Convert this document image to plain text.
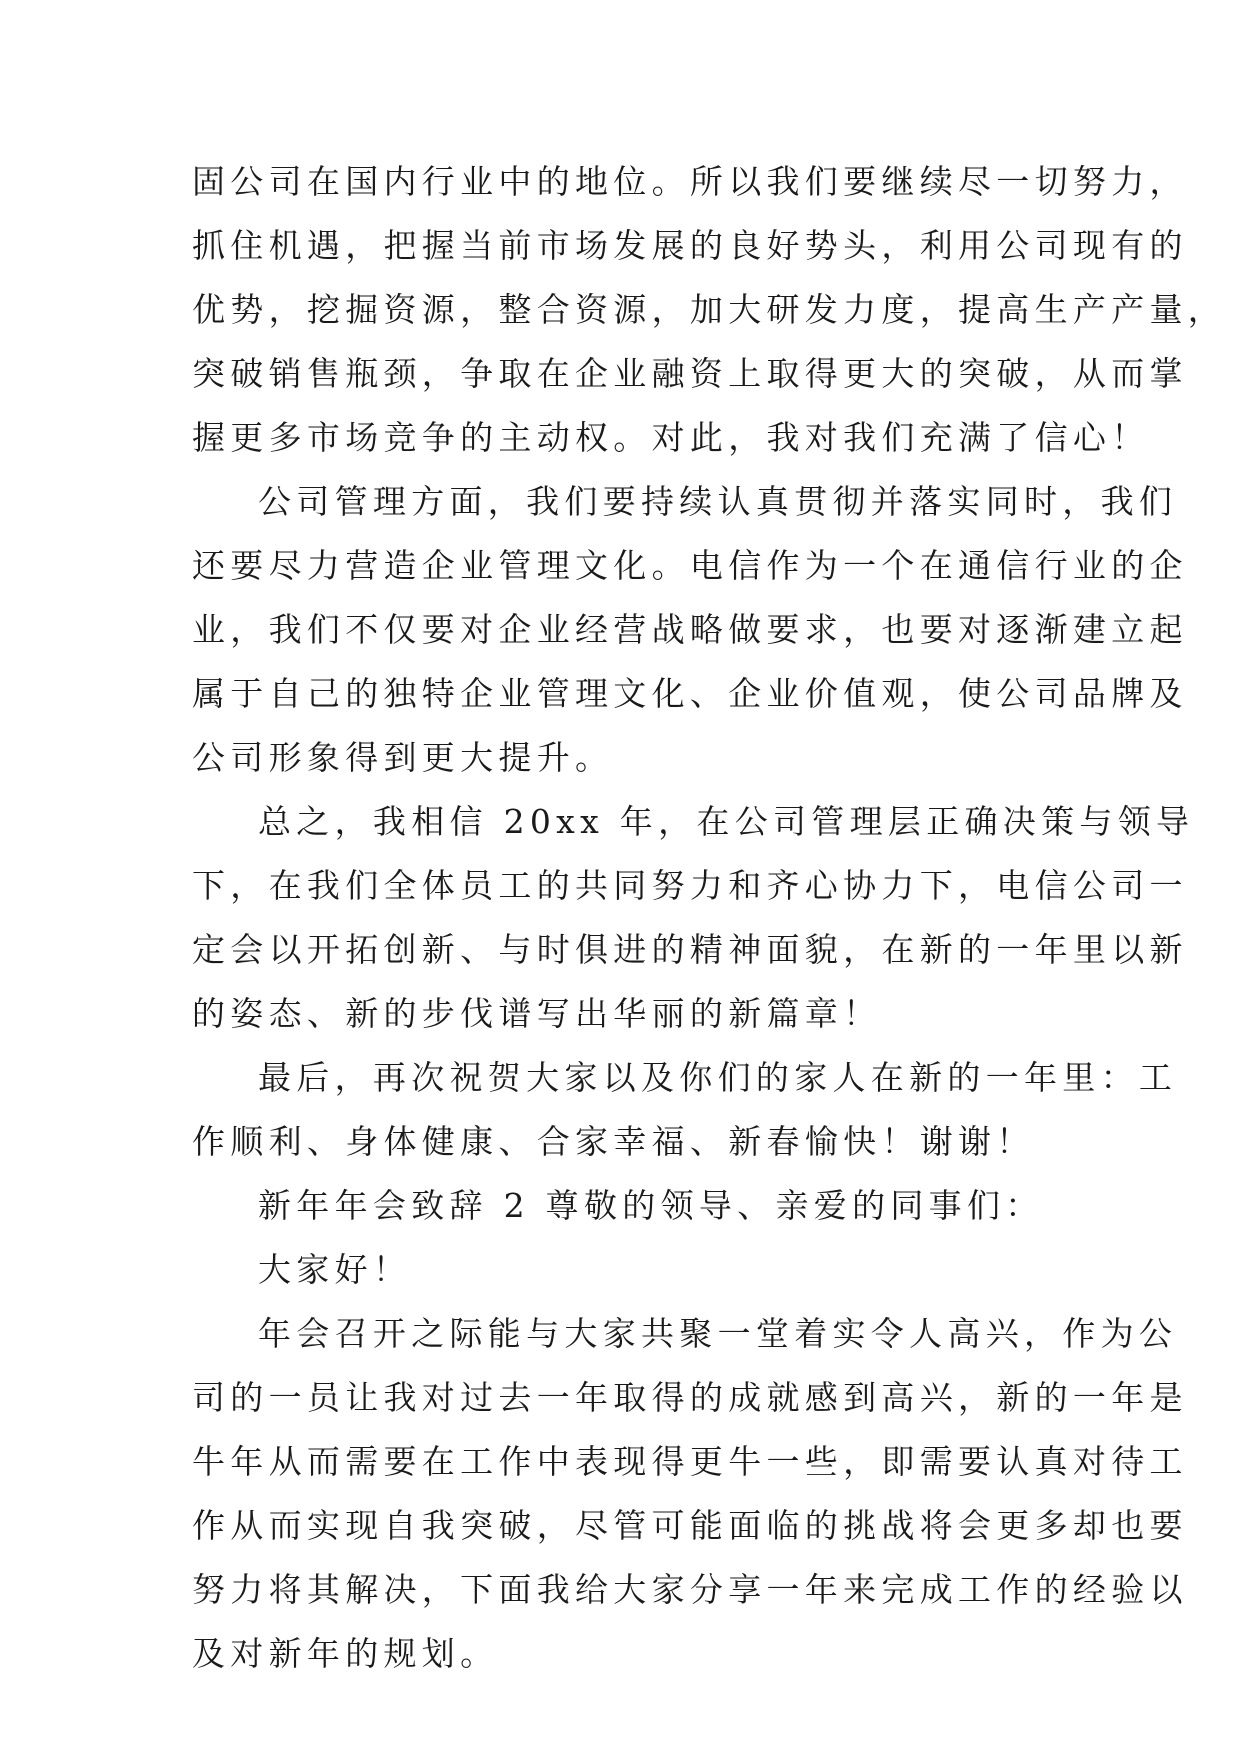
固公司在国内行业中的地位。所以我们要继续尽一切努力，
抓住机遇，把握当前市场发展的良好势头，利用公司现有的
优势，挖掘资源，整合资源，加大研发力度，提高生产产量，
突破销售瓶颈，争取在企业融资上取得更大的突破，从而掌
握更多市场竞争的主动权。对此，我对我们充满了信心！

公司管理方面，我们要持续认真贯彻并落实同时，我们
还要尽力营造企业管理文化。电信作为一个在通信行业的企
业，我们不仅要对企业经营战略做要求，也要对逐渐建立起
属于自己的独特企业管理文化、企业价值观，使公司品牌及
公司形象得到更大提升。

总之，我相信 20xx 年，在公司管理层正确决策与领导
下，在我们全体员工的共同努力和齐心协力下，电信公司一
定会以开拓创新、与时俱进的精神面貌，在新的一年里以新
的姿态、新的步伐谱写出华丽的新篇章！

最后，再次祝贺大家以及你们的家人在新的一年里：工
作顺利、身体健康、合家幸福、新春愉快！谢谢！

新年年会致辞 2 尊敬的领导、亲爱的同事们：

大家好！

年会召开之际能与大家共聚一堂着实令人高兴，作为公
司的一员让我对过去一年取得的成就感到高兴，新的一年是
牛年从而需要在工作中表现得更牛一些，即需要认真对待工
作从而实现自我突破，尽管可能面临的挑战将会更多却也要
努力将其解决，下面我给大家分享一年来完成工作的经验以
及对新年的规划。
